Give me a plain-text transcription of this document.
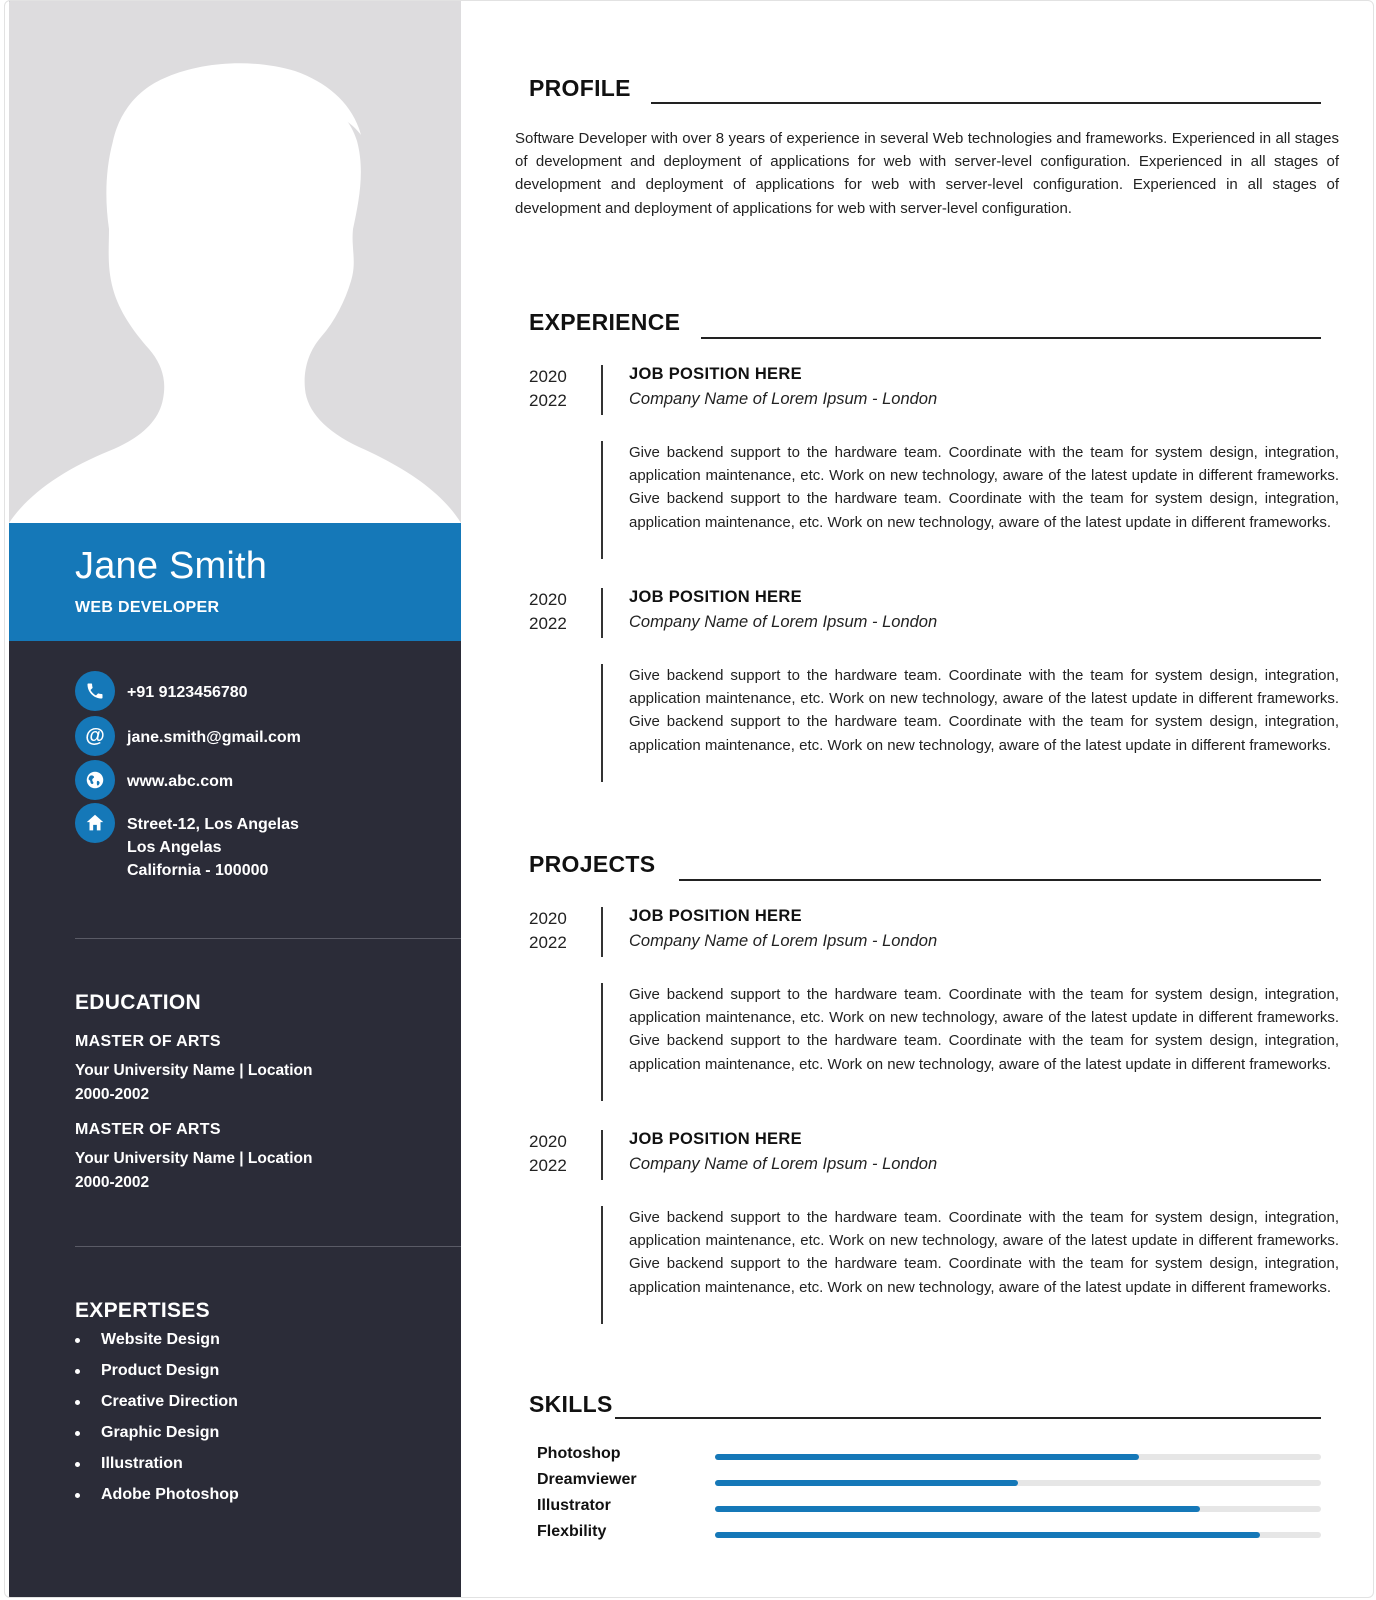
Jane Smith
WEB DEVELOPER
+91 9123456780
@ jane.smith@gmail.com
www.abc.com
Street-12, Los Angelas
Los Angelas
California - 100000
EDUCATION
MASTER OF ARTS
Your University Name | Location
2000-2002
MASTER OF ARTS
Your University Name | Location
2000-2002
EXPERTISES
Website Design
Product Design
Creative Direction
Graphic Design
Illustration
Adobe Photoshop
PROFILE
Software Developer with over 8 years of experience in several Web technologies and frameworks. Experienced in all stages of development and deployment of applications for web with server-level configuration. Experienced in all stages of development and deployment of applications for web with server-level configuration. Experienced in all stages of development and deployment of applications for web with server-level configuration.
EXPERIENCE
2020
2022
JOB POSITION HERE
Company Name of Lorem Ipsum - London
Give backend support to the hardware team. Coordinate with the team for system design, integration, application maintenance, etc. Work on new technology, aware of the latest update in different frameworks. Give backend support to the hardware team. Coordinate with the team for system design, integration, application maintenance, etc. Work on new technology, aware of the latest update in different frameworks.
2020
2022
JOB POSITION HERE
Company Name of Lorem Ipsum - London
Give backend support to the hardware team. Coordinate with the team for system design, integration, application maintenance, etc. Work on new technology, aware of the latest update in different frameworks. Give backend support to the hardware team. Coordinate with the team for system design, integration, application maintenance, etc. Work on new technology, aware of the latest update in different frameworks.
PROJECTS
2020
2022
JOB POSITION HERE
Company Name of Lorem Ipsum - London
Give backend support to the hardware team. Coordinate with the team for system design, integration, application maintenance, etc. Work on new technology, aware of the latest update in different frameworks. Give backend support to the hardware team. Coordinate with the team for system design, integration, application maintenance, etc. Work on new technology, aware of the latest update in different frameworks.
2020
2022
JOB POSITION HERE
Company Name of Lorem Ipsum - London
Give backend support to the hardware team. Coordinate with the team for system design, integration, application maintenance, etc. Work on new technology, aware of the latest update in different frameworks. Give backend support to the hardware team. Coordinate with the team for system design, integration, application maintenance, etc. Work on new technology, aware of the latest update in different frameworks.
SKILLS
Photoshop
Dreamviewer
Illustrator
Flexbility
